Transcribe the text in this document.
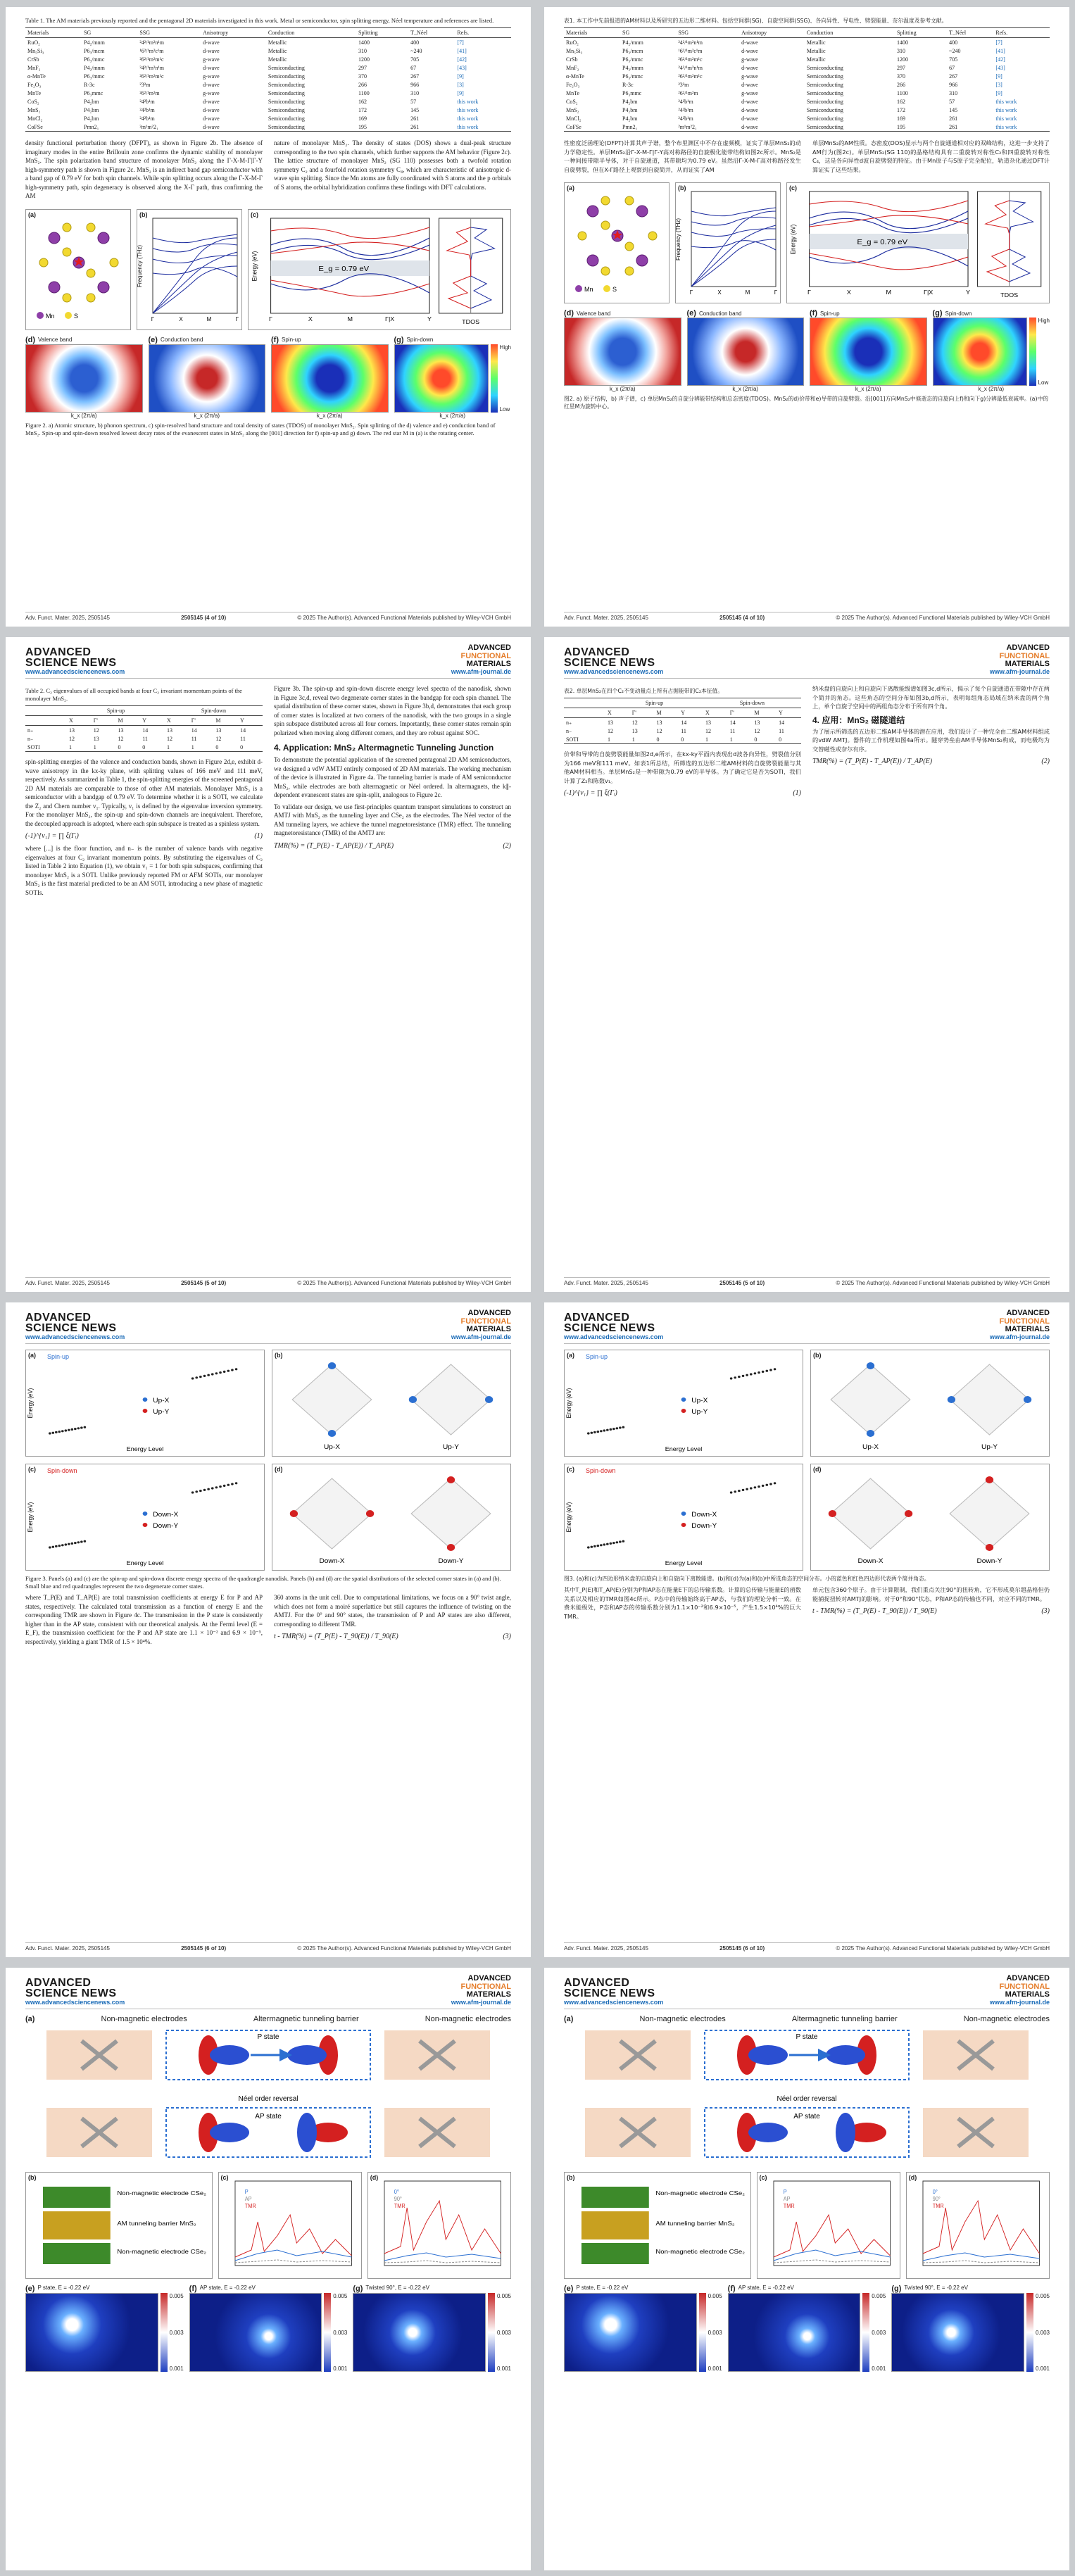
Table 1. The AM materials previously reported and the pentagonal 2D materials investigated in this work. Metal or semiconductor, spin splitting energy, Néel temperature and references are listed.
Materials	SG	SSG	Anisotropy	Conduction	Splitting	T_Néel	Refs.
RuO₂	P4₂/mnm	²4²/¹m²n¹m	d-wave	Metallic	1400	400	[7]
Mn₅Si₃	P6₃/mcm	¹6²/¹m²c¹m	d-wave	Metallic	310	~240	[41]
CrSb	P6₃/mmc	²6²/¹m²m¹c	g-wave	Metallic	1200	705	[42]
MnF₂	P4₂/mnm	²4²/¹m²n¹m	d-wave	Semiconducting	297	67	[43]
α-MnTe	P6₃/mmc	²6²/¹m²m¹c	g-wave	Semiconducting	370	267	[9]
Fe₂O₃	R-3c	²3²m	d-wave	Semiconducting	266	966	[3]
MnTe	P6₃mmc	²6²/¹m²m	g-wave	Semiconducting	1100	310	[9]
CoS₂	P4₂bm	²4²b¹m	d-wave	Semiconducting	162	57	this work
MnS₂	P4₂bm	²4²b¹m	d-wave	Semiconducting	172	145	this work
MnCl₂	P4₂bm	²4²b¹m	d-wave	Semiconducting	169	261	this work
CoFSe	Pmn2₁	²m¹m²2₁	d-wave	Semiconducting	195	261	this work

density functional perturbation theory (DFPT), as shown in Figure 2b. The absence of imaginary modes in the entire Brillouin zone confirms the dynamic stability of monolayer MnS₂. The spin polarization band structure of monolayer MnS₂ along the Γ-X-M-Γ|Γ-Y high-symmetry path is shown in Figure 2c. MnS₂ is an indirect band gap semiconductor with a band gap of 0.79 eV for both spin channels. While spin splitting occurs along the Γ-X-M-Γ high-symmetry path, spin degeneracy is observed along the X-Γ path, thus confirming the AM

nature of monolayer MnS₂. The density of states (DOS) shows a dual-peak structure corresponding to the two spin channels, which further supports the AM behavior (Figure 2c). The lattice structure of monolayer MnS₂ (SG 110) possesses both a twofold rotation symmetry C₂ and a fourfold rotation symmetry C₄, which are characteristic of anisotropic d-wave spin splitting. Since the Mn atoms are fully coordinated with S atoms and the p orbitals of S atoms, the orbital hybridization confirms these findings with DFT calculations.

(a)
Mn	S
(b)
Frequency (THz)
Γ	X	M	Γ
(c)
E_g = 0.79 eV
Energy (eV)
Γ	X	M	Γ|X	Y	TDOS
(d) Valence band
k_x (2π/a)
(e) Conduction band
k_x (2π/a)
(f) Spin-up
k_x (2π/a)
(g) Spin-down
High
Low
k_x (2π/a)
Figure 2. a) Atomic structure, b) phonon spectrum, c) spin-resolved band structure and total density of states (TDOS) of monolayer MnS₂. Spin splitting of the d) valence and e) conduction band of MnS₂. Spin-up and spin-down resolved lowest decay rates of the evanescent states in MnS₂ along the [001] direction for f) spin-up and g) down. The red star M in (a) is the rotating center.
Adv. Funct. Mater. 2025, 2505145	2505145 (4 of 10)	© 2025 The Author(s). Advanced Functional Materials published by Wiley-VCH GmbH
表1. 本工作中先前报道的AM材料以及所研究的五边形二维材料。包括空间群(SG)、自旋空间群(SSG)、各向异性、导电性、劈裂能量、奈尔温度及参考文献。
Materials	SG	SSG	Anisotropy	Conduction	Splitting	T_Néel	Refs.
RuO₂	P4₂/mnm	²4²/¹m²n¹m	d-wave	Metallic	1400	400	[7]
Mn₅Si₃	P6₃/mcm	¹6²/¹m²c¹m	d-wave	Metallic	310	~240	[41]
CrSb	P6₃/mmc	²6²/¹m²m¹c	g-wave	Metallic	1200	705	[42]
MnF₂	P4₂/mnm	²4²/¹m²n¹m	d-wave	Semiconducting	297	67	[43]
α-MnTe	P6₃/mmc	²6²/¹m²m¹c	g-wave	Semiconducting	370	267	[9]
Fe₂O₃	R-3c	²3²m	d-wave	Semiconducting	266	966	[3]
MnTe	P6₃mmc	²6²/¹m²m	g-wave	Semiconducting	1100	310	[9]
CoS₂	P4₂bm	²4²b¹m	d-wave	Semiconducting	162	57	this work
MnS₂	P4₂bm	²4²b¹m	d-wave	Semiconducting	172	145	this work
MnCl₂	P4₂bm	²4²b¹m	d-wave	Semiconducting	169	261	this work
CoFSe	Pmn2₁	²m¹m²2₁	d-wave	Semiconducting	195	261	this work

性密度泛函理论(DFPT)计算其声子谱，整个布里渊区中不存在虚频模，证实了单层MnS₂的动力学稳定性。单层MnS₂沿Γ-X-M-Γ|Γ-Y高对称路径的自旋极化能带结构如图2c所示。MnS₂是一种间接带隙半导体，对于自旋通道，其带隙均为0.79 eV。虽然沿Γ-X-M-Γ高对称路径发生自旋劈裂，但在X-Γ路径上观察到自旋简并，从而证实了AM

单层MnS₂的AM性质。态密度(DOS)显示与两个自旋通道相对应的双峰结构，这进一步支持了AM行为(图2c)。单层MnS₂(SG 110)的晶格结构具有二重旋转对称性C₂和四重旋转对称性C₄，这是各向异性d波自旋劈裂的特征。由于Mn原子与S原子完全配位，轨道杂化通过DFT计算证实了这些结果。

(a)
Mn	S
(b)
Frequency (THz)
Γ	X	M	Γ
(c)
E_g = 0.79 eV
Energy (eV)
Γ	X	M	Γ|X	Y	TDOS
(d) Valence band
k_x (2π/a)
(e) Conduction band
k_x (2π/a)
(f) Spin-up
k_x (2π/a)
(g) Spin-down
High
Low
k_x (2π/a)
图2. a) 原子结构，b) 声子谱，c) 单层MnS₂的自旋分辨能带结构和总态密度(TDOS)。MnS₂的d)价带和e)导带的自旋劈裂。沿[001]方向MnS₂中倏逝态的自旋向上f)和向下g)分辨最低衰减率。(a)中的红星M为旋转中心。
Adv. Funct. Mater. 2025, 2505145	2505145 (4 of 10)	© 2025 The Author(s). Advanced Functional Materials published by Wiley-VCH GmbH
ADVANCED
SCIENCE NEWS
www.advancedsciencenews.com
ADVANCED
FUNCTIONAL
MATERIALS
www.afm-journal.de
Table 2. C₂ eigenvalues of all occupied bands at four C₂ invariant momentum points of the monolayer MnS₂.
	Spin-up				Spin-down			
	X	Γ'	M	Y	X	Γ'	M	Y
n₊	13	12	13	14	13	14	13	14
n₋	12	13	12	11	12	11	12	11
SOTI	1	1	0	0	1	1	0	0

spin-splitting energies of the valence and conduction bands, shown in Figure 2d,e, exhibit d-wave anisotropy in the kx-ky plane, with splitting values of 166 meV and 111 meV, respectively. As summarized in Table 1, the spin-splitting energies of the screened pentagonal 2D AM materials are comparable to those of other AM materials. Monolayer MnS₂ is a semiconductor with a bandgap of 0.79 eV. To determine whether it is a SOTI, we calculate the Z₂ and Chern number v₁. Typically, v₁ is defined by the eigenvalue inversion symmetry. For the monolayer MnS₂, the spin-up and spin-down channels are inequivalent. Therefore, the decoupled approach is adopted, where each spin subspace is treated as a spinless system.

(-1)^{v₁} = ∏ ξ(Γᵢ)	(1)

where [...] is the floor function, and n₋ is the number of valence bands with negative eigenvalues at four C₂ invariant momentum points. By substituting the eigenvalues of C₂ listed in Table 2 into Equation (1), we obtain v₁ = 1 for both spin subspaces, confirming that monolayer MnS₂ is a SOTI. Unlike previously reported FM or AFM SOTIs, our monolayer MnS₂ is the first material predicted to be an AM SOTI, introducing a new phase of magnetic SOTIs.

Figure 3b. The spin-up and spin-down discrete energy level spectra of the nanodisk, shown in Figure 3c,d, reveal two degenerate corner states in the bandgap for each spin channel. The spatial distribution of these corner states, shown in Figure 3b,d, demonstrates that each group of corner states is localized at two corners of the nanodisk, with the two groups in a single spin subspace distributed across all four corners. Importantly, these corner states remain spin polarized when moving along different corners, and they are robust against SOC.

4. Application: MnS₂ Altermagnetic Tunneling Junction

To demonstrate the potential application of the screened pentagonal 2D AM semiconductors, we designed a vdW AMTJ entirely composed of 2D AM materials. The working mechanism of the device is illustrated in Figure 4a. The tunneling barrier is made of AM semiconductor MnS₂, while electrodes are both altermagnetic or Néel ordered. In altermagnets, the k∥-dependent evanescent states are spin-split, analogous to Figure 2c.

To validate our design, we use first-principles quantum transport simulations to construct an AMTJ with MnS₂ as the tunneling layer and CSe₂ as the electrodes. The Néel vector of the AM tunneling layers, we achieve the tunnel magnetoresistance (TMR) effect. The tunneling magnetoresistance (TMR) of the AMTJ are:

TMR(%) = (T_P(E) - T_AP(E)) / T_AP(E)	(2)
Adv. Funct. Mater. 2025, 2505145	2505145 (5 of 10)	© 2025 The Author(s). Advanced Functional Materials published by Wiley-VCH GmbH
ADVANCED
SCIENCE NEWS
www.advancedsciencenews.com
ADVANCED
FUNCTIONAL
MATERIALS
www.afm-journal.de
表2. 单层MnS₂在四个C₂不变动量点上所有占据能带的C₂本征值。
	Spin-up				Spin-down			
	X	Γ'	M	Y	X	Γ'	M	Y
n₊	13	12	13	14	13	14	13	14
n₋	12	13	12	11	12	11	12	11
SOTI	1	1	0	0	1	1	0	0

价带和导带的自旋劈裂能量如图2d,e所示，在kx-ky平面内表现出d波各向异性，劈裂值分别为166 meV和111 meV。如表1所总结，所筛选的五边形二维AM材料的自旋劈裂能量与其他AM材料相当。单层MnS₂是一种带隙为0.79 eV的半导体。为了确定它是否为SOTI，我们计算了Z₂和陈数v₁。

(-1)^{v₁} = ∏ ξ(Γᵢ)	(1)

纳米盘的自旋向上和自旋向下离散能级谱如图3c,d所示，揭示了每个自旋通道在带隙中存在两个简并的角态。这些角态的空间分布如图3b,d所示，表明每组角态局域在纳米盘的两个角上，单个自旋子空间中的两组角态分布于所有四个角。

4. 应用：MnS₂ 磁隧道结

为了展示所筛选的五边形二维AM半导体的潜在应用，我们设计了一种完全由二维AM材料组成的vdW AMTJ。器件的工作机理如图4a所示。隧穿势垒由AM半导体MnS₂构成，而电极均为交替磁性或奈尔有序。

TMR(%) = (T_P(E) - T_AP(E)) / T_AP(E)	(2)
Adv. Funct. Mater. 2025, 2505145	2505145 (5 of 10)	© 2025 The Author(s). Advanced Functional Materials published by Wiley-VCH GmbH
ADVANCED
SCIENCE NEWS
www.advancedsciencenews.com
ADVANCED
FUNCTIONAL
MATERIALS
www.afm-journal.de
(a) Spin-up
Up-X
Up-Y
Energy Level
Energy (eV)
(b)
Up-X	Up-Y
(c) Spin-down
Down-X
Down-Y
Energy Level
Energy (eV)
(d)
Down-X	Down-Y
Figure 3. Panels (a) and (c) are the spin-up and spin-down discrete energy spectra of the quadrangle nanodisk. Panels (b) and (d) are the spatial distributions of the selected corner states in (a) and (b). Small blue and red quadrangles represent the two degenerate corner states.

where T_P(E) and T_AP(E) are total transmission coefficients at energy E for P and AP states, respectively. The calculated total transmission as a function of energy E and the corresponding TMR are shown in Figure 4c. The transmission in the P state is consistently higher than in the AP state, consistent with our theoretical analysis. At the Fermi level (E = E_F), the transmission coefficient for the P and AP state are 1.1 × 10⁻² and 6.9 × 10⁻⁵, respectively, yielding a giant TMR of 1.5 × 10⁴%.

360 atoms in the unit cell. Due to computational limitations, we focus on a 90° twist angle, which does not form a moiré superlattice but still captures the influence of twisting on the AMTJ. For the 0° and 90° states, the transmission of P and AP states are also different, corresponding to different TMR.

t - TMR(%) = (T_P(E) - T_90(E)) / T_90(E)	(3)
Adv. Funct. Mater. 2025, 2505145	2505145 (6 of 10)	© 2025 The Author(s). Advanced Functional Materials published by Wiley-VCH GmbH
ADVANCED
SCIENCE NEWS
www.advancedsciencenews.com
ADVANCED
FUNCTIONAL
MATERIALS
www.afm-journal.de
(a) Spin-up
Up-X
Up-Y
Energy Level
Energy (eV)
(b)
Up-X	Up-Y
(c) Spin-down
Down-X
Down-Y
Energy Level
Energy (eV)
(d)
Down-X	Down-Y
图3. (a)和(c)为四边形纳米盘的自旋向上和自旋向下离散能谱。(b)和(d)为(a)和(b)中所选角态的空间分布。小的蓝色和红色四边形代表两个简并角态。

其中T_P(E)和T_AP(E)分别为P和AP态在能量E下的总传输系数。计算的总传输与能量E的函数关系以及相应的TMR如图4c所示。P态中的传输始终高于AP态，与我们的理论分析一致。在费米能级处，P态和AP态的传输系数分别为1.1×10⁻²和6.9×10⁻⁵，产生1.5×10⁴%的巨大TMR。

单元包含360个原子。由于计算限制，我们重点关注90°的扭转角，它不形成莫尔超晶格但仍能捕捉扭转对AMTJ的影响。对于0°和90°状态，P和AP态的传输也不同，对应不同的TMR。

t - TMR(%) = (T_P(E) - T_90(E)) / T_90(E)	(3)
Adv. Funct. Mater. 2025, 2505145	2505145 (6 of 10)	© 2025 The Author(s). Advanced Functional Materials published by Wiley-VCH GmbH
ADVANCED
SCIENCE NEWS
www.advancedsciencenews.com
ADVANCED
FUNCTIONAL
MATERIALS
www.afm-journal.de
(a)	Non-magnetic electrodes	Altermagnetic tunneling barrier	Non-magnetic electrodes
P state
Néel order reversal
AP state
(b)
Non-magnetic electrode CSe₂
AM tunneling barrier MnS₂
Non-magnetic electrode CSe₂
(c)
P
AP
TMR
(d)
0°
90°
TMR
(e) P state, E = -0.22 eV
0.005
0.003
0.001
(f) AP state, E = -0.22 eV
0.005
0.003
0.001
(g) Twisted 90°, E = -0.22 eV
0.005
0.003
0.001
ADVANCED
SCIENCE NEWS
www.advancedsciencenews.com
ADVANCED
FUNCTIONAL
MATERIALS
www.afm-journal.de
(a)	Non-magnetic electrodes	Altermagnetic tunneling barrier	Non-magnetic electrodes
P state
Néel order reversal
AP state
(b)
Non-magnetic electrode CSe₂
AM tunneling barrier MnS₂
Non-magnetic electrode CSe₂
(c)
P
AP
TMR
(d)
0°
90°
TMR
(e) P state, E = -0.22 eV
0.005
0.003
0.001
(f) AP state, E = -0.22 eV
0.005
0.003
0.001
(g) Twisted 90°, E = -0.22 eV
0.005
0.003
0.001
